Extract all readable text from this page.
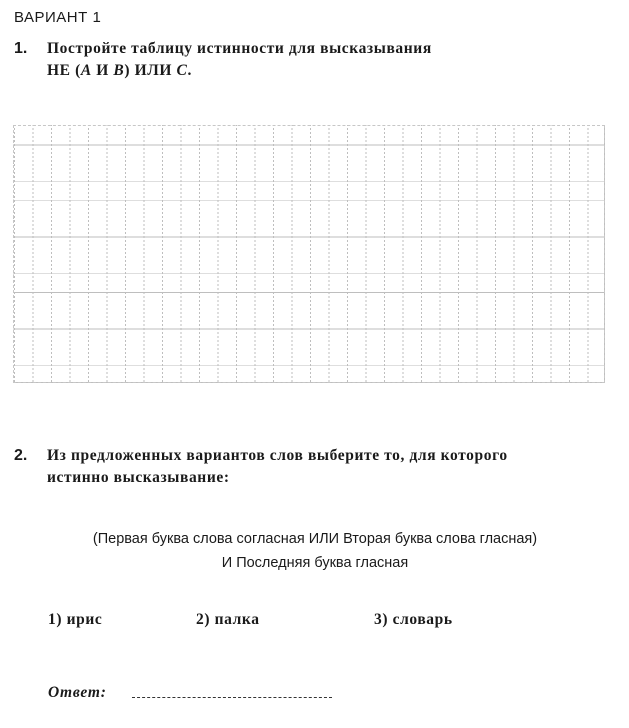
ВАРИАНТ 1
1. Постройте таблицу истинности для высказывания
НЕ (А И В) ИЛИ С.
2. Из предложенных вариантов слов выберите то, для которого
истинно высказывание:
(Первая буква слова согласная ИЛИ Вторая буква слова гласная)
И Последняя буква гласная
1) ирис	2) палка	3) словарь
Ответ:
